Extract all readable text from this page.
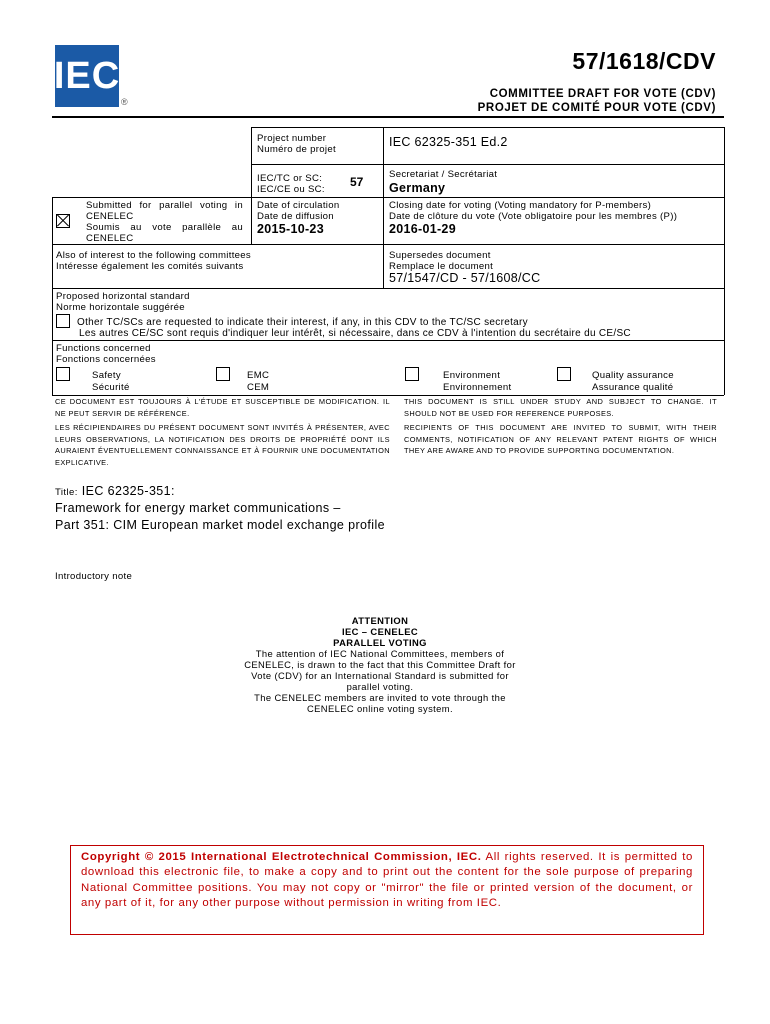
IEC
®
57/1618/CDV
COMMITTEE DRAFT FOR VOTE (CDV)
PROJET DE COMITÉ POUR VOTE (CDV)
Project number
Numéro de projet
IEC 62325-351 Ed.2
IEC/TC or SC:
IEC/CE ou SC:
57
Secretariat / Secrétariat
Germany
Submitted for parallel voting in
CENELEC
Soumis au vote parallèle au
CENELEC
Date of circulation
Date de diffusion
2015-10-23
Closing date for voting (Voting mandatory for P-members)
Date de clôture du vote (Vote obligatoire pour les membres (P))
2016-01-29
Also of interest to the following committees
Intéresse également les comités suivants
Supersedes document
Remplace le document
57/1547/CD - 57/1608/CC
Proposed horizontal standard
Norme horizontale suggérée
Other TC/SCs are requested to indicate their interest, if any, in this CDV to the TC/SC secretary
Les autres CE/SC sont requis d'indiquer leur intérêt, si nécessaire, dans ce CDV à l'intention du secrétaire du CE/SC
Functions concerned
Fonctions concernées
Safety
Sécurité
EMC
CEM
Environment
Environnement
Quality assurance
Assurance qualité
CE DOCUMENT EST TOUJOURS À L'ÉTUDE ET SUSCEPTIBLE DE MODIFICATION. IL NE PEUT SERVIR DE RÉFÉRENCE.
THIS DOCUMENT IS STILL UNDER STUDY AND SUBJECT TO CHANGE. IT SHOULD NOT BE USED FOR REFERENCE PURPOSES.
LES RÉCIPIENDAIRES DU PRÉSENT DOCUMENT SONT INVITÉS À PRÉSENTER, AVEC LEURS OBSERVATIONS, LA NOTIFICATION DES DROITS DE PROPRIÉTÉ DONT ILS AURAIENT ÉVENTUELLEMENT CONNAISSANCE ET À FOURNIR UNE DOCUMENTATION EXPLICATIVE.
RECIPIENTS OF THIS DOCUMENT ARE INVITED TO SUBMIT, WITH THEIR COMMENTS, NOTIFICATION OF ANY RELEVANT PATENT RIGHTS OF WHICH THEY ARE AWARE AND TO PROVIDE SUPPORTING DOCUMENTATION.
Title: IEC 62325-351:
Framework for energy market communications –
Part 351: CIM European market model exchange profile
Introductory note
ATTENTION
IEC – CENELEC
PARALLEL VOTING
The attention of IEC National Committees, members of
CENELEC, is drawn to the fact that this Committee Draft for
Vote (CDV) for an International Standard is submitted for
parallel voting.
The CENELEC members are invited to vote through the
CENELEC online voting system.
Copyright © 2015 International Electrotechnical Commission, IEC. All rights reserved. It is permitted to download this electronic file, to make a copy and to print out the content for the sole purpose of preparing National Committee positions. You may not copy or "mirror" the file or printed version of the document, or any part of it, for any other purpose without permission in writing from IEC.
